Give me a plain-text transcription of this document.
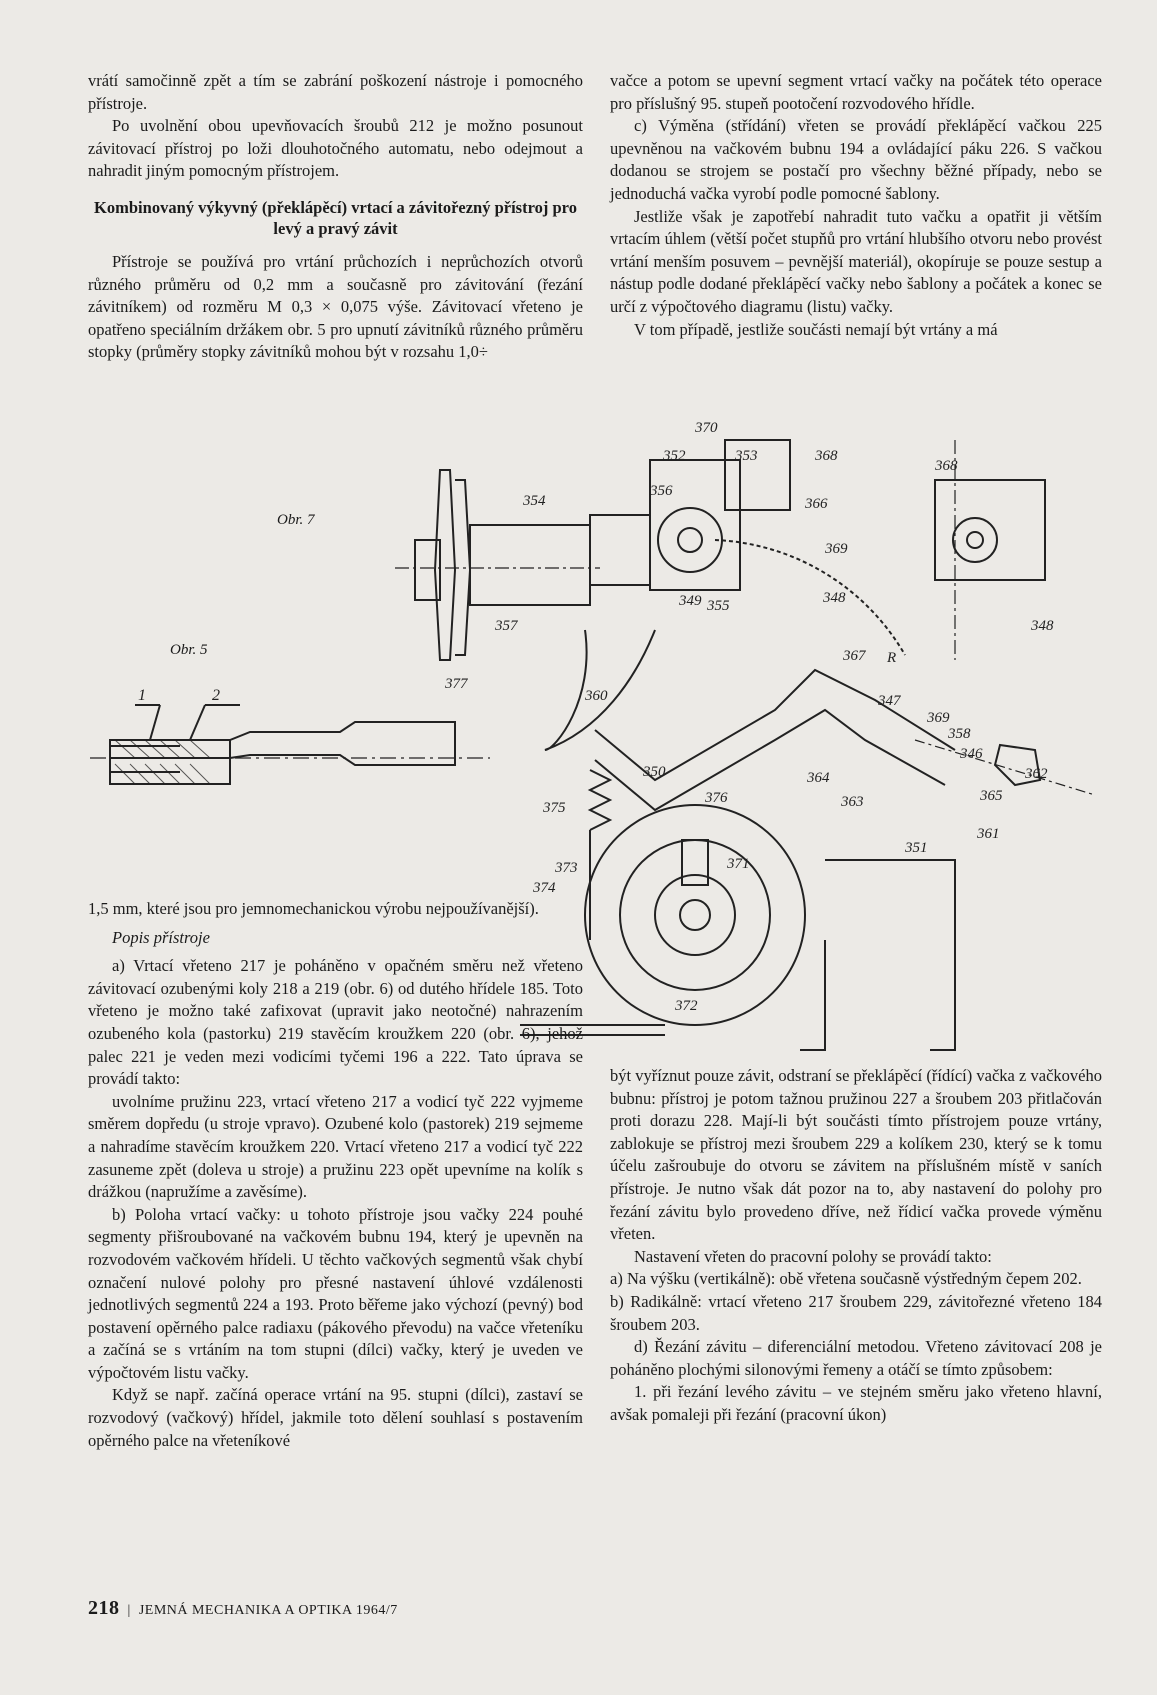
vrátí samočinně zpět a tím se zabrání poškození nástroje i pomocného přístroje.

Po uvolnění obou upevňovacích šroubů 212 je možno posunout závitovací přístroj po loži dlouhotočného automatu, nebo odejmout a nahradit jiným pomocným přístrojem.

Kombinovaný výkyvný (překlápěcí) vrtací a závitořezný přístroj pro levý a pravý závit

Přístroje se používá pro vrtání průchozích i neprůchozích otvorů různého průměru od 0,2 mm a současně pro závitování (řezání závitníkem) od rozměru M 0,3 × 0,075 výše. Závitovací vřeteno je opatřeno speciálním držákem obr. 5 pro upnutí závitníků různého průměru stopky (průměry stopky závitníků mohou být v rozsahu 1,0÷

vačce a potom se upevní segment vrtací vačky na počátek této operace pro příslušný 95. stupeň pootočení rozvodového hřídle.

c) Výměna (střídání) vřeten se provádí překlápěcí vačkou 225 upevněnou na vačkovém bubnu 194 a ovládající páku 226. S vačkou dodanou se strojem se postačí pro všechny běžné případy, nebo se jednoduchá vačka vyrobí podle pomocné šablony.

Jestliže však je zapotřebí nahradit tuto vačku a opatřit ji větším vrtacím úhlem (větší počet stupňů pro vrtání hlubšího otvoru nebo provést vrtání menším posuvem – pevnější materiál), okopíruje se pouze sestup a nástup podle dodané překlápěcí vačky nebo šablony a počátek a konec se určí z výpočtového diagramu (listu) vačky.

V tom případě, jestliže součásti nemají být vrtány a má

Obr. 7
Obr. 5
1	2
370
352	353	368
356
366
354
369
349 355	348
357
377
360
367 R
347
369
358
346
350
376
364
363	365
362
375
371
351
361
373
374
372
368
348

1,5 mm, které jsou pro jemnomechanickou výrobu nejpoužívanější).

Popis přístroje

a) Vrtací vřeteno 217 je poháněno v opačném směru než vřeteno závitovací ozubenými koly 218 a 219 (obr. 6) od dutého hřídele 185. Toto vřeteno je možno také zafixovat (upravit jako neotočné) nahrazením ozubeného kola (pastorku) 219 stavěcím kroužkem 220 (obr. 6), jehož palec 221 je veden mezi vodicími tyčemi 196 a 222. Tato úprava se provádí takto:

uvolníme pružinu 223, vrtací vřeteno 217 a vodicí tyč 222 vyjmeme směrem dopředu (u stroje vpravo). Ozubené kolo (pastorek) 219 sejmeme a nahradíme stavěcím kroužkem 220. Vrtací vřeteno 217 a vodicí tyč 222 zasuneme zpět (doleva u stroje) a pružinu 223 opět upevníme na kolík s drážkou (napružíme a zavěsíme).

b) Poloha vrtací vačky: u tohoto přístroje jsou vačky 224 pouhé segmenty přišroubované na vačkovém bubnu 194, který je upevněn na rozvodovém vačkovém hřídeli. U těchto vačkových segmentů však chybí označení nulové polohy pro přesné nastavení úhlové vzdálenosti jednotlivých segmentů 224 a 193. Proto běřeme jako výchozí (pevný) bod postavení opěrného palce radiaxu (pákového převodu) na vačce vřeteníku a začíná se s vrtáním na tom stupni (dílci) vačky, který je uveden ve výpočtovém listu vačky.

Když se např. začíná operace vrtání na 95. stupni (dílci), zastaví se rozvodový (vačkový) hřídel, jakmile toto dělení souhlasí s postavením opěrného palce na vřeteníkové

být vyříznut pouze závit, odstraní se překlápěcí (řídící) vačka z vačkového bubnu: přístroj je potom tažnou pružinou 227 a šroubem 203 přitlačován proti dorazu 228. Mají-li být součásti tímto přístrojem pouze vrtány, zablokuje se přístroj mezi šroubem 229 a kolíkem 230, který se k tomu účelu zašroubuje do otvoru se závitem na příslušném místě v saních přístroje. Je nutno však dát pozor na to, aby nastavení do polohy pro řezání závitu bylo provedeno dříve, než řídicí vačka provede výměnu vřeten.

Nastavení vřeten do pracovní polohy se provádí takto:

a) Na výšku (vertikálně): obě vřetena současně výstředným čepem 202.

b) Radikálně: vrtací vřeteno 217 šroubem 229, závitořezné vřeteno 184 šroubem 203.

d) Řezání závitu – diferenciální metodou. Vřeteno závitovací 208 je poháněno plochými silonovými řemeny a otáčí se tímto způsobem:

1. při řezání levého závitu – ve stejném směru jako vřeteno hlavní, avšak pomaleji při řezání (pracovní úkon)

218 | JEMNÁ MECHANIKA A OPTIKA 1964/7
